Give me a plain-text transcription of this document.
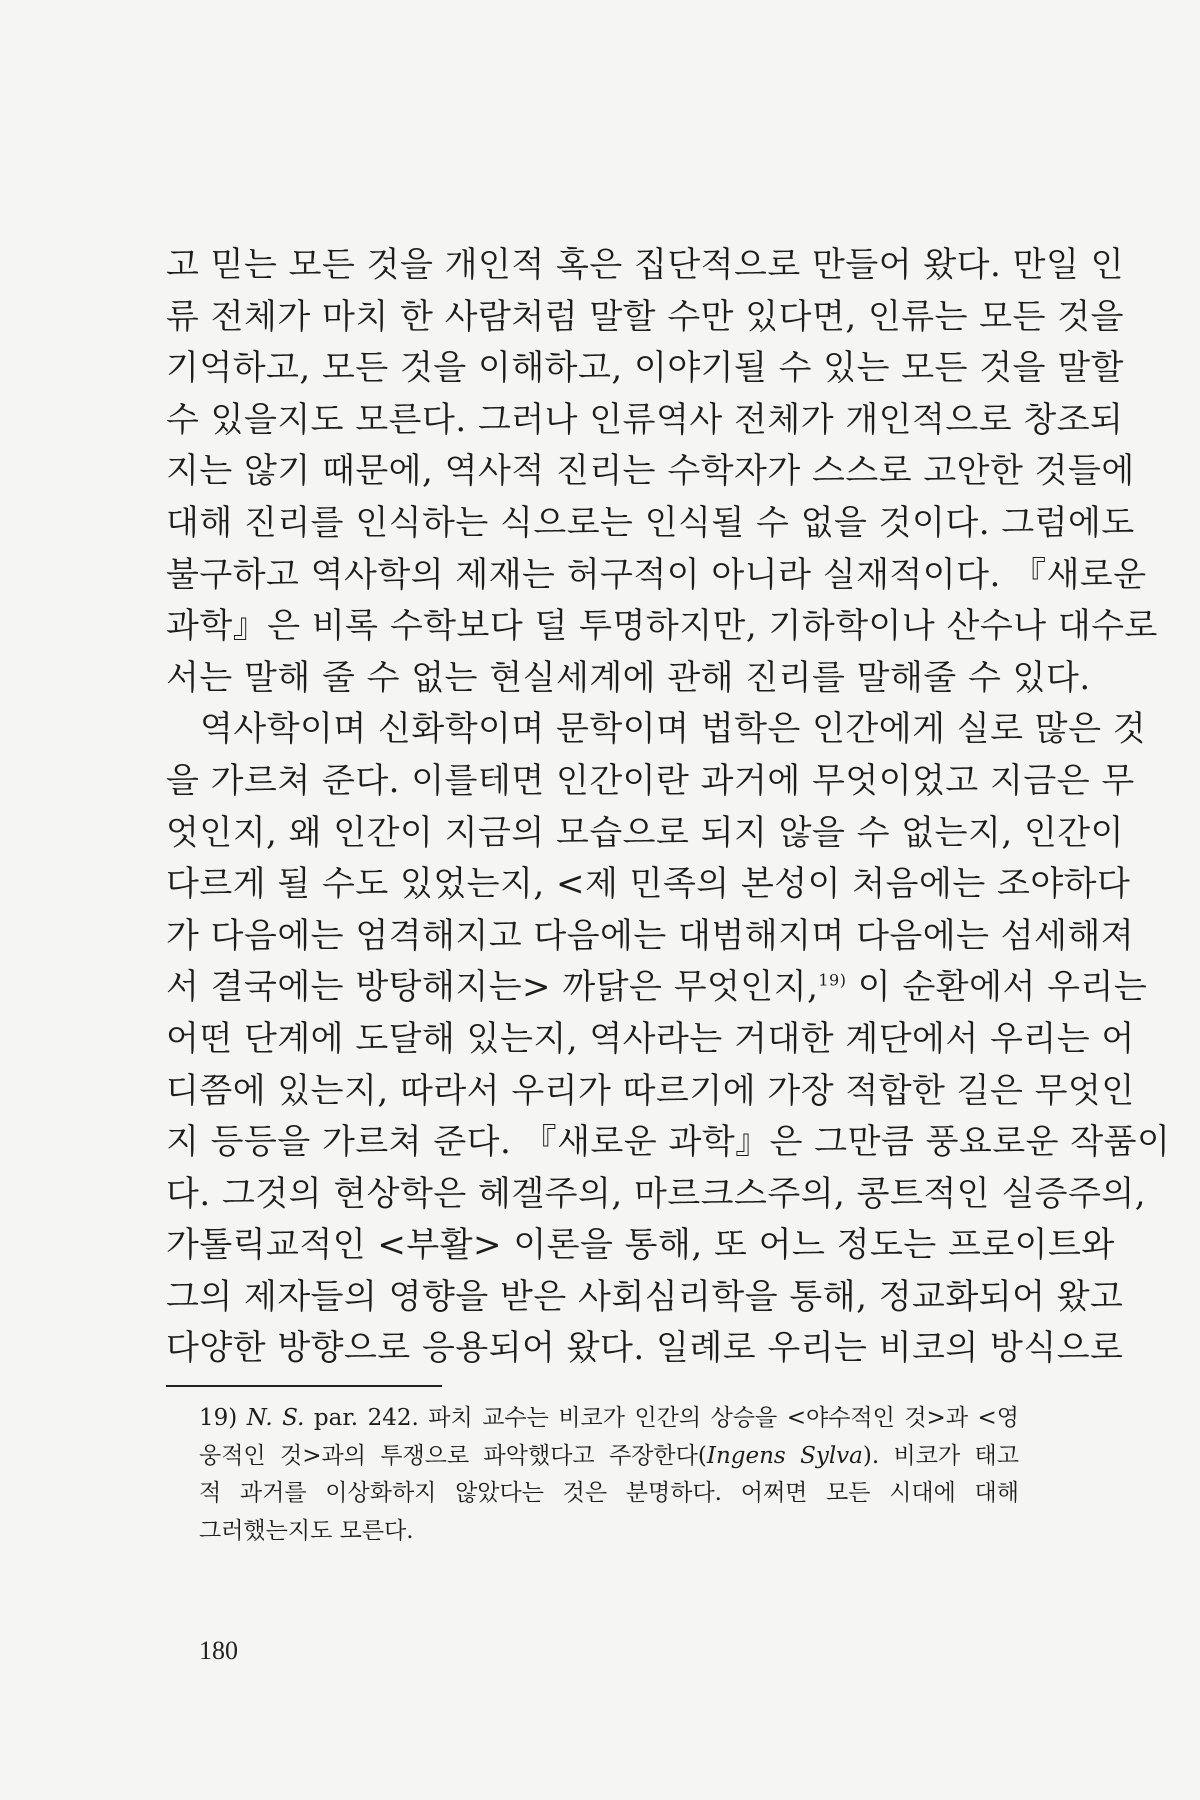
고 믿는 모든 것을 개인적 혹은 집단적으로 만들어 왔다. 만일 인
류 전체가 마치 한 사람처럼 말할 수만 있다면, 인류는 모든 것을
기억하고, 모든 것을 이해하고, 이야기될 수 있는 모든 것을 말할
수 있을지도 모른다. 그러나 인류역사 전체가 개인적으로 창조되
지는 않기 때문에, 역사적 진리는 수학자가 스스로 고안한 것들에
대해 진리를 인식하는 식으로는 인식될 수 없을 것이다. 그럼에도
불구하고 역사학의 제재는 허구적이 아니라 실재적이다. 『새로운
과학』은 비록 수학보다 덜 투명하지만, 기하학이나 산수나 대수로
서는 말해 줄 수 없는 현실세계에 관해 진리를 말해줄 수 있다.
역사학이며 신화학이며 문학이며 법학은 인간에게 실로 많은 것
을 가르쳐 준다. 이를테면 인간이란 과거에 무엇이었고 지금은 무
엇인지, 왜 인간이 지금의 모습으로 되지 않을 수 없는지, 인간이
다르게 될 수도 있었는지, <제 민족의 본성이 처음에는 조야하다
가 다음에는 엄격해지고 다음에는 대범해지며 다음에는 섬세해져
서 결국에는 방탕해지는> 까닭은 무엇인지,$^{19)}$ 이 순환에서 우리는
어떤 단계에 도달해 있는지, 역사라는 거대한 계단에서 우리는 어
디쯤에 있는지, 따라서 우리가 따르기에 가장 적합한 길은 무엇인
지 등등을 가르쳐 준다. 『새로운 과학』은 그만큼 풍요로운 작품이
다. 그것의 현상학은 헤겔주의, 마르크스주의, 콩트적인 실증주의,
가톨릭교적인 <부활> 이론을 통해, 또 어느 정도는 프로이트와
그의 제자들의 영향을 받은 사회심리학을 통해, 정교화되어 왔고
다양한 방향으로 응용되어 왔다. 일례로 우리는 비코의 방식으로
19) N. S. par. 242. 파치 교수는 비코가 인간의 상승을 <야수적인 것>과 <영
웅적인 것>과의 투쟁으로 파악했다고 주장한다(Ingens Sylva). 비코가 태고
적 과거를 이상화하지 않았다는 것은 분명하다. 어쩌면 모든 시대에 대해
그러했는지도 모른다.
180
